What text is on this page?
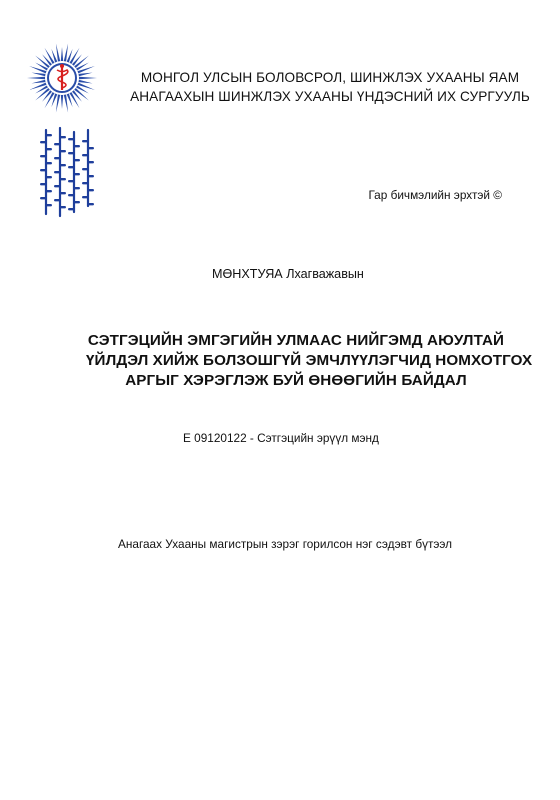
МОНГОЛ УЛСЫН БОЛОВСРОЛ, ШИНЖЛЭХ УХААНЫ ЯАМ
АНАГААХЫН ШИНЖЛЭХ УХААНЫ ҮНДЭСНИЙ ИХ СУРГУУЛЬ
Гар бичмэлийн эрхтэй ©
МӨНХТУЯА Лхагважавын
СЭТГЭЦИЙН ЭМГЭГИЙН УЛМААС НИЙГЭМД АЮУЛТАЙ
ҮЙЛДЭЛ ХИЙЖ БОЛЗОШГҮЙ ЭМЧЛҮҮЛЭГЧИД НОМХОТГОХ
АРГЫГ ХЭРЭГЛЭЖ БУЙ ӨНӨӨГИЙН БАЙДАЛ
Е 09120122 - Сэтгэцийн эрүүл мэнд
Анагаах Ухааны магистрын зэрэг горилсон нэг сэдэвт бүтээл
